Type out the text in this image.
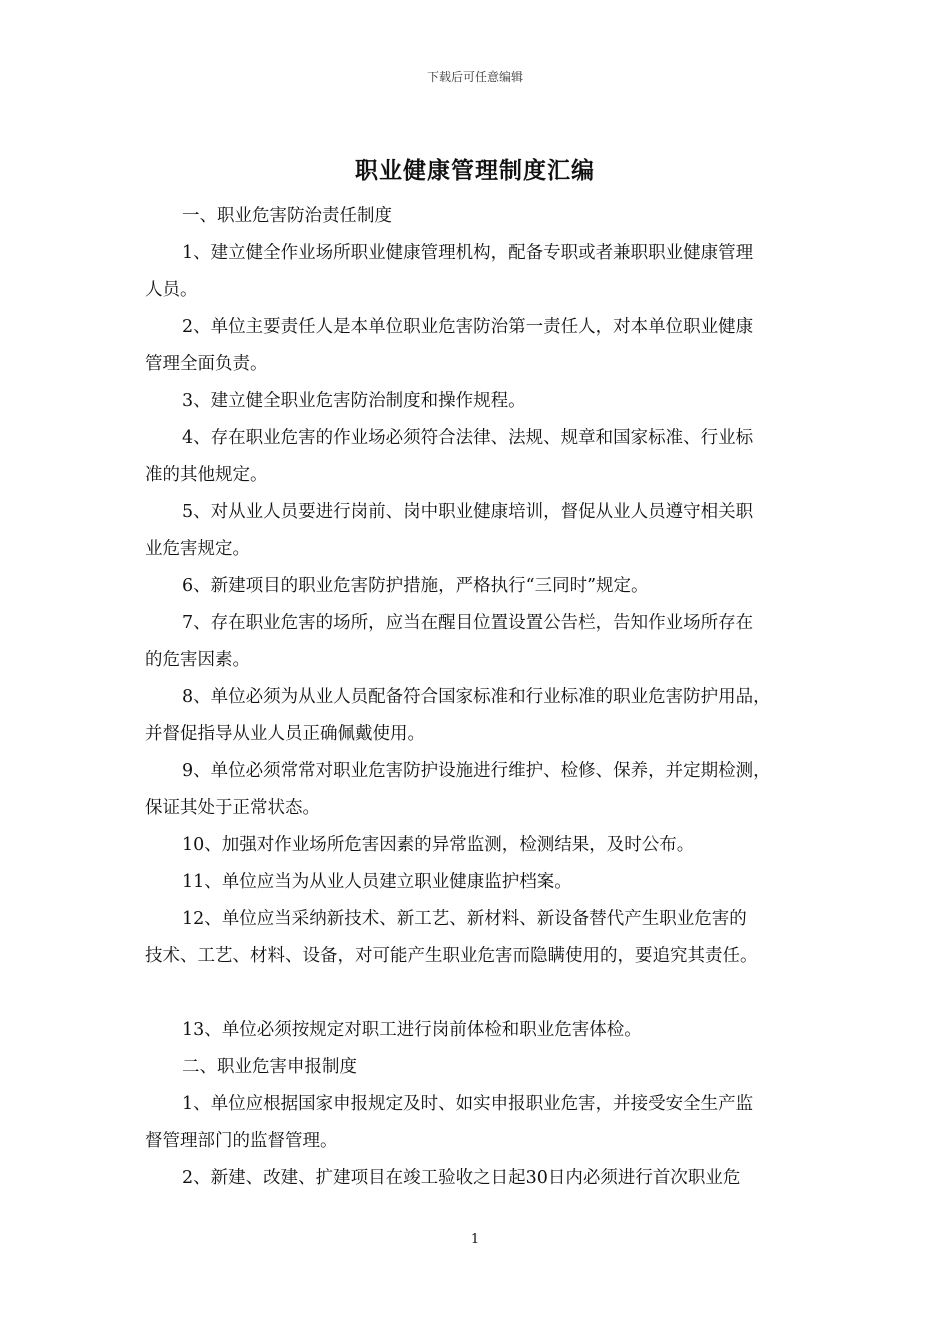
下载后可任意编辑
职业健康管理制度汇编
一、职业危害防治责任制度
1、建立健全作业场所职业健康管理机构，配备专职或者兼职职业健康管理
人员。
2、单位主要责任人是本单位职业危害防治第一责任人，对本单位职业健康
管理全面负责。
3、建立健全职业危害防治制度和操作规程。
4、存在职业危害的作业场必须符合法律、法规、规章和国家标准、行业标
准的其他规定。
5、对从业人员要进行岗前、岗中职业健康培训，督促从业人员遵守相关职
业危害规定。
6、新建项目的职业危害防护措施，严格执行“三同时”规定。
7、存在职业危害的场所，应当在醒目位置设置公告栏，告知作业场所存在
的危害因素。
8、单位必须为从业人员配备符合国家标准和行业标准的职业危害防护用品，
并督促指导从业人员正确佩戴使用。
9、单位必须常常对职业危害防护设施进行维护、检修、保养，并定期检测，
保证其处于正常状态。
10、加强对作业场所危害因素的异常监测，检测结果，及时公布。
11、单位应当为从业人员建立职业健康监护档案。
12、单位应当采纳新技术、新工艺、新材料、新设备替代产生职业危害的
技术、工艺、材料、设备，对可能产生职业危害而隐瞒使用的，要追究其责任。
13、单位必须按规定对职工进行岗前体检和职业危害体检。
二、职业危害申报制度
1、单位应根据国家申报规定及时、如实申报职业危害，并接受安全生产监
督管理部门的监督管理。
2、新建、改建、扩建项目在竣工验收之日起30日内必须进行首次职业危
1
